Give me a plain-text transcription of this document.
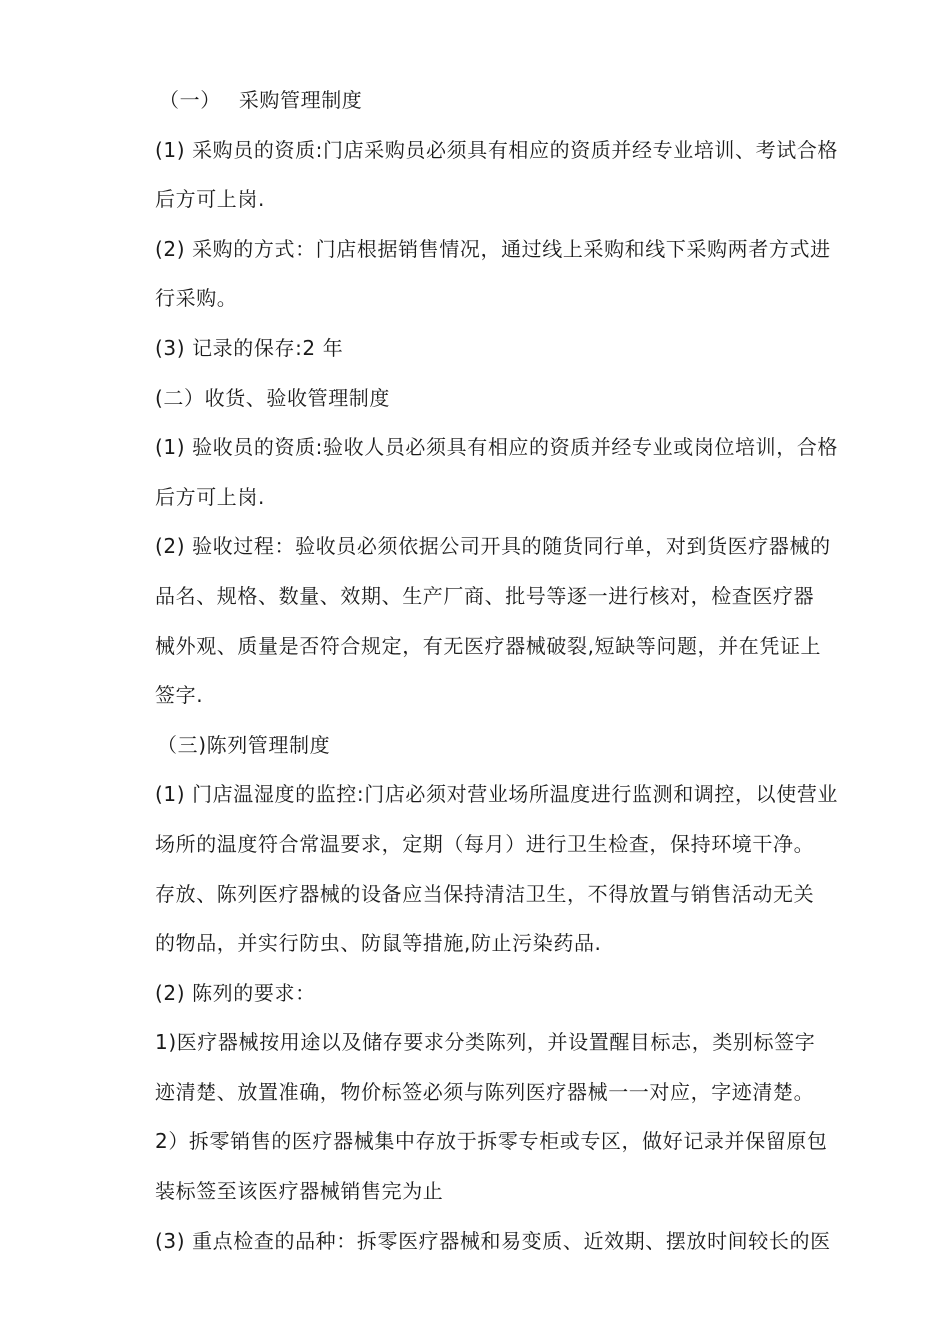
（一） 采购管理制度
(1) 采购员的资质:门店采购员必须具有相应的资质并经专业培训、考试合格
后方可上岗.
(2) 采购的方式：门店根据销售情况，通过线上采购和线下采购两者方式进
行采购。
(3) 记录的保存:2 年
(二）收货、验收管理制度
(1) 验收员的资质:验收人员必须具有相应的资质并经专业或岗位培训，合格
后方可上岗.
(2) 验收过程：验收员必须依据公司开具的随货同行单，对到货医疗器械的
品名、规格、数量、效期、生产厂商、批号等逐一进行核对，检查医疗器
械外观、质量是否符合规定，有无医疗器械破裂,短缺等问题，并在凭证上
签字.
（三)陈列管理制度
(1) 门店温湿度的监控:门店必须对营业场所温度进行监测和调控，以使营业
场所的温度符合常温要求，定期（每月）进行卫生检查，保持环境干净。
存放、陈列医疗器械的设备应当保持清洁卫生，不得放置与销售活动无关
的物品，并实行防虫、防鼠等措施,防止污染药品.
(2) 陈列的要求：
1)医疗器械按用途以及储存要求分类陈列，并设置醒目标志，类别标签字
迹清楚、放置准确，物价标签必须与陈列医疗器械一一对应，字迹清楚。
2）拆零销售的医疗器械集中存放于拆零专柜或专区，做好记录并保留原包
装标签至该医疗器械销售完为止
(3) 重点检查的品种：拆零医疗器械和易变质、近效期、摆放时间较长的医
